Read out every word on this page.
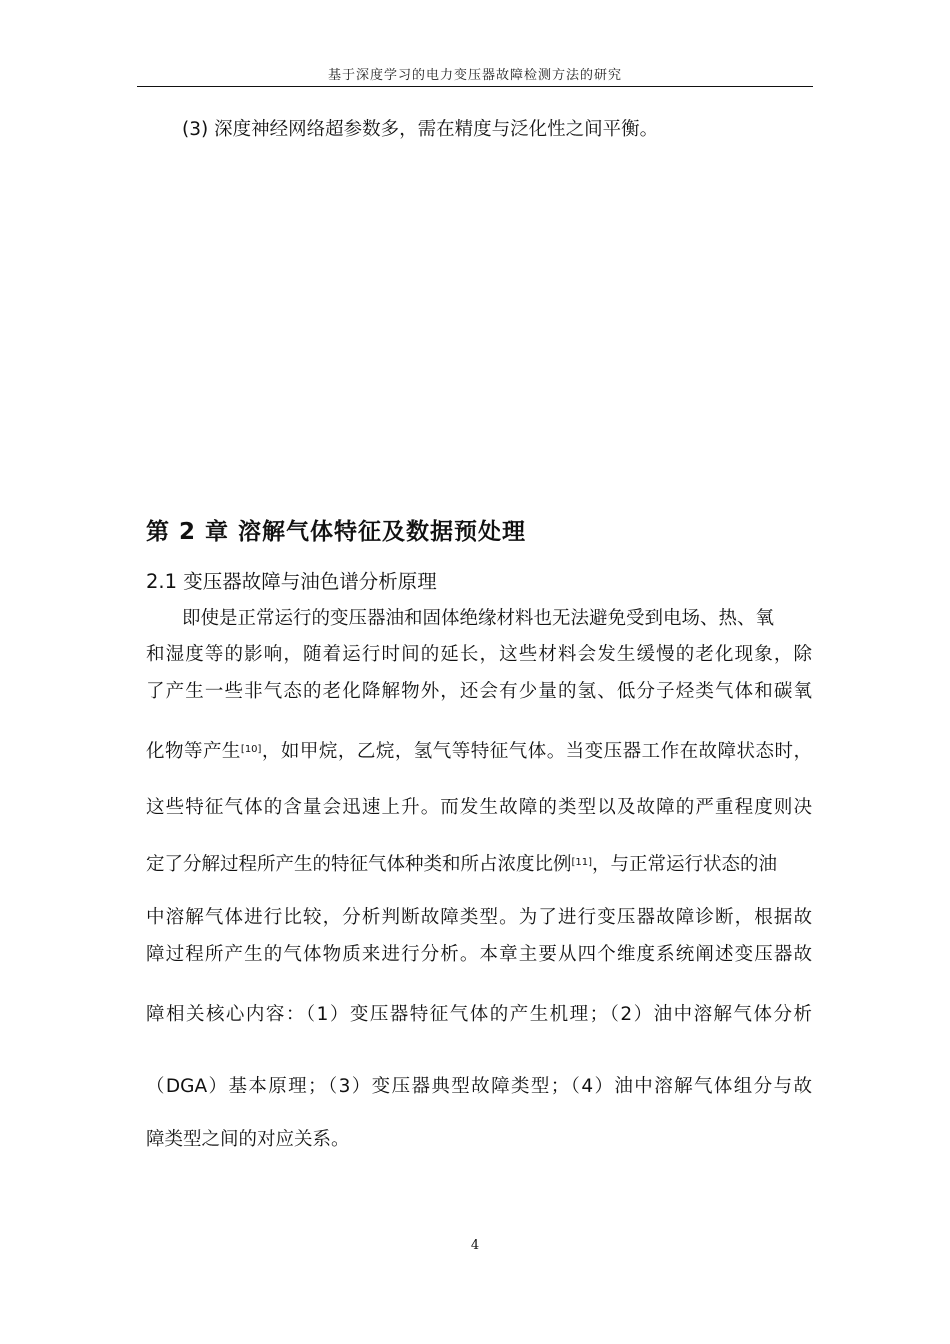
基于深度学习的电力变压器故障检测方法的研究
(3) 深度神经网络超参数多，需在精度与泛化性之间平衡。
第 2 章 溶解气体特征及数据预处理
2.1 变压器故障与油色谱分析原理
即使是正常运行的变压器油和固体绝缘材料也无法避免受到电场、热、氧
和湿度等的影响，随着运行时间的延长，这些材料会发生缓慢的老化现象，除
了产生一些非气态的老化降解物外，还会有少量的氢、低分子烃类气体和碳氧
化物等产生[10]，如甲烷，乙烷，氢气等特征气体。当变压器工作在故障状态时，
这些特征气体的含量会迅速上升。而发生故障的类型以及故障的严重程度则决
定了分解过程所产生的特征气体种类和所占浓度比例[11]，与正常运行状态的油
中溶解气体进行比较，分析判断故障类型。为了进行变压器故障诊断，根据故
障过程所产生的气体物质来进行分析。本章主要从四个维度系统阐述变压器故
障相关核心内容：（1）变压器特征气体的产生机理；（2）油中溶解气体分析
（DGA）基本原理；（3）变压器典型故障类型；（4）油中溶解气体组分与故
障类型之间的对应关系。
4
